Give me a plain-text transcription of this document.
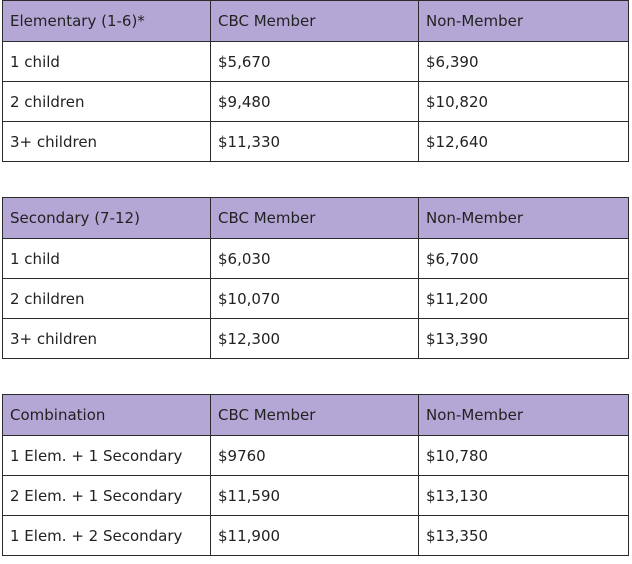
Elementary (1-6)*	CBC Member	Non-Member
1 child	$5,670	$6,390
2 children	$9,480	$10,820
3+ children	$11,330	$12,640
Secondary (7-12)	CBC Member	Non-Member
1 child	$6,030	$6,700
2 children	$10,070	$11,200
3+ children	$12,300	$13,390
Combination	CBC Member	Non-Member
1 Elem. + 1 Secondary	$9760	$10,780
2 Elem. + 1 Secondary	$11,590	$13,130
1 Elem. + 2 Secondary	$11,900	$13,350
